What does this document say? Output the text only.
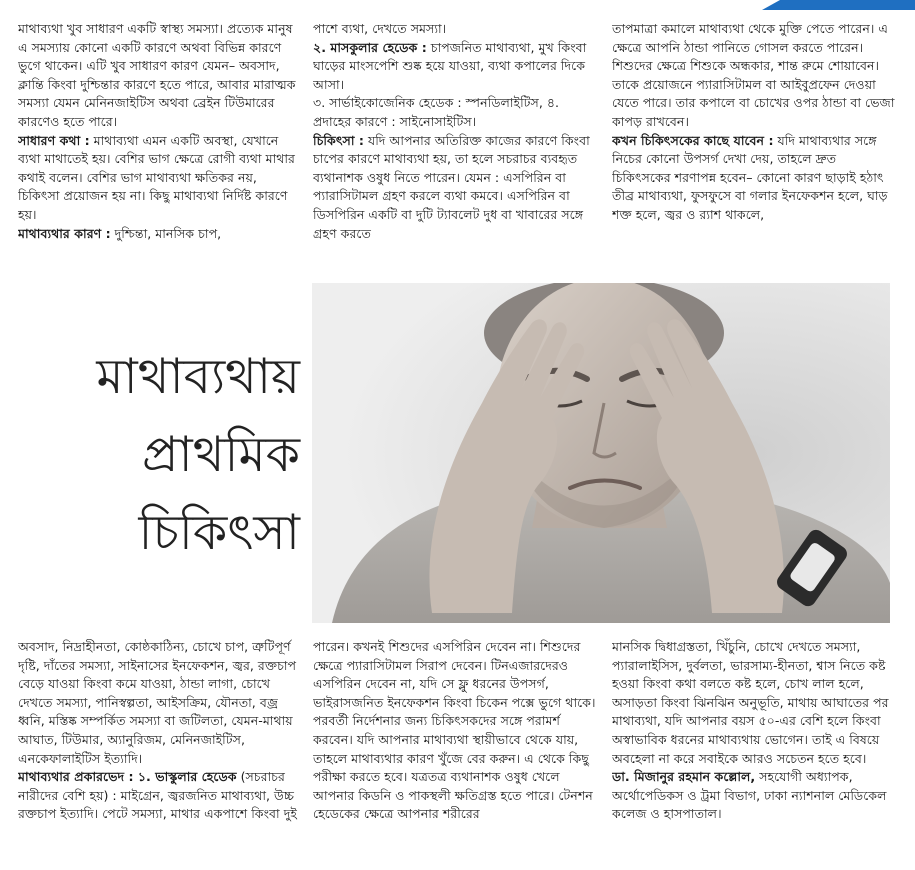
মাথাব্যথা খুব সাধারণ একটি স্বাস্থ্য সমস্যা। প্রত্যেক মানুষ এ সমস্যায় কোনো একটি কারণে অথবা বিভিন্ন কারণে ভুগে থাকেন। এটি খুব সাধারণ কারণ যেমন– অবসাদ, ক্লান্তি কিংবা দুশ্চিন্তার কারণে হতে পারে, আবার মারাত্মক সমস্যা যেমন মেনিনজাইটিস অথবা ব্রেইন টিউমারের কারণেও হতে পারে।

সাধারণ কথা : মাথাব্যথা এমন একটি অবস্থা, যেখানে ব্যথা মাথাতেই হয়। বেশির ভাগ ক্ষেত্রে রোগী ব্যথা মাথার কথাই বলেন। বেশির ভাগ মাথাব্যথা ক্ষতিকর নয়, চিকিৎসা প্রয়োজন হয় না। কিছু মাথাব্যথা নির্দিষ্ট কারণে হয়।

মাথাব্যথার কারণ : দুশ্চিন্তা, মানসিক চাপ,

পাশে ব্যথা, দেখতে সমস্যা।

২. মাসকুলার হেডেক : চাপজনিত মাথাব্যথা, মুখ কিংবা ঘাড়ের মাংসপেশি শুষ্ক হয়ে যাওয়া, ব্যথা কপালের দিকে আসা।

৩. সার্ভাইকোজেনিক হেডেক : স্পনডিলাইটিস, ৪. প্রদাহের কারণে : সাইনোসাইটিস।

চিকিৎসা : যদি আপনার অতিরিক্ত কাজের কারণে কিংবা চাপের কারণে মাথাব্যথা হয়, তা হলে সচরাচর ব্যবহৃত ব্যথানাশক ওষুধ নিতে পারেন। যেমন : এসপিরিন বা প্যারাসিটামল গ্রহণ করলে ব্যথা কমবে। এসপিরিন বা ডিসপিরিন একটি বা দুটি ট্যাবলেট দুধ বা খাবারের সঙ্গে গ্রহণ করতে

তাপমাত্রা কমালে মাথাব্যথা থেকে মুক্তি পেতে পারেন। এ ক্ষেত্রে আপনি ঠান্ডা পানিতে গোসল করতে পারেন। শিশুদের ক্ষেত্রে শিশুকে অন্ধকার, শান্ত রুমে শোয়াবেন। তাকে প্রয়োজনে প্যারাসিটামল বা আইবুপ্রফেন দেওয়া যেতে পারে। তার কপালে বা চোখের ওপর ঠান্ডা বা ভেজা কাপড় রাখবেন।

কখন চিকিৎসকের কাছে যাবেন : যদি মাথাব্যথার সঙ্গে নিচের কোনো উপসর্গ দেখা দেয়, তাহলে দ্রুত চিকিৎসকের শরণাপন্ন হবেন– কোনো কারণ ছাড়াই হঠাৎ তীব্র মাথাব্যথা, ফুসফুসে বা গলার ইনফেকশন হলে, ঘাড় শক্ত হলে, জ্বর ও র‍্যাশ থাকলে,

মাথাব্যথায়
প্রাথমিক
চিকিৎসা

অবসাদ, নিদ্রাহীনতা, কোষ্ঠকাঠিন্য, চোখে চাপ, ত্রুটিপূর্ণ দৃষ্টি, দাঁতের সমস্যা, সাইনাসের ইনফেকশন, জ্বর, রক্তচাপ বেড়ে যাওয়া কিংবা কমে যাওয়া, ঠান্ডা লাগা, চোখে দেখতে সমস্যা, পানিস্বল্পতা, আইসক্রিম, যৌনতা, বজ্র ধ্বনি, মস্তিষ্ক সম্পর্কিত সমস্যা বা জটিলতা, যেমন-মাথায় আঘাত, টিউমার, অ্যানুরিজম, মেনিনজাইটিস, এনকেফালাইটিস ইত্যাদি।

মাথাব্যথার প্রকারভেদ : ১. ভাস্কুলার হেডেক (সচরাচর নারীদের বেশি হয়) : মাইগ্রেন, জ্বরজনিত মাথাব্যথা, উচ্চ রক্তচাপ ইত্যাদি। পেটে সমস্যা, মাথার একপাশে কিংবা দুই

পারেন। কখনই শিশুদের এসপিরিন দেবেন না। শিশুদের ক্ষেত্রে প্যারাসিটামল সিরাপ দেবেন। টিনএজারদেরও এসপিরিন দেবেন না, যদি সে ফ্লু ধরনের উপসর্গ, ভাইরাসজনিত ইনফেকশন কিংবা চিকেন পক্সে ভুগে থাকে। পরবর্তী নির্দেশনার জন্য চিকিৎসকদের সঙ্গে পরামর্শ করবেন। যদি আপনার মাথাব্যথা স্থায়ীভাবে থেকে যায়, তাহলে মাথাব্যথার কারণ খুঁজে বের করুন। এ থেকে কিছু পরীক্ষা করতে হবে। যত্রতত্র ব্যথানাশক ওষুধ খেলে আপনার কিডনি ও পাকস্থলী ক্ষতিগ্রস্ত হতে পারে। টেনশন হেডেকের ক্ষেত্রে আপনার শরীরের

মানসিক দ্বিধাগ্রস্ততা, খিঁচুনি, চোখে দেখতে সমস্যা, প্যারালাইসিস, দুর্বলতা, ভারসাম্য-হীনতা, শ্বাস নিতে কষ্ট হওয়া কিংবা কথা বলতে কষ্ট হলে, চোখ লাল হলে, অসাড়তা কিংবা ঝিনঝিন অনুভূতি, মাথায় আঘাতের পর মাথাব্যথা, যদি আপনার বয়স ৫০-এর বেশি হলে কিংবা অস্বাভাবিক ধরনের মাথাব্যথায় ভোগেন। তাই এ বিষয়ে অবহেলা না করে সবাইকে আরও সচেতন হতে হবে।

ডা. মিজানুর রহমান কল্লোল, সহযোগী অধ্যাপক, অর্থোপেডিকস ও ট্রমা বিভাগ, ঢাকা ন্যাশনাল মেডিকেল কলেজ ও হাসপাতাল।
